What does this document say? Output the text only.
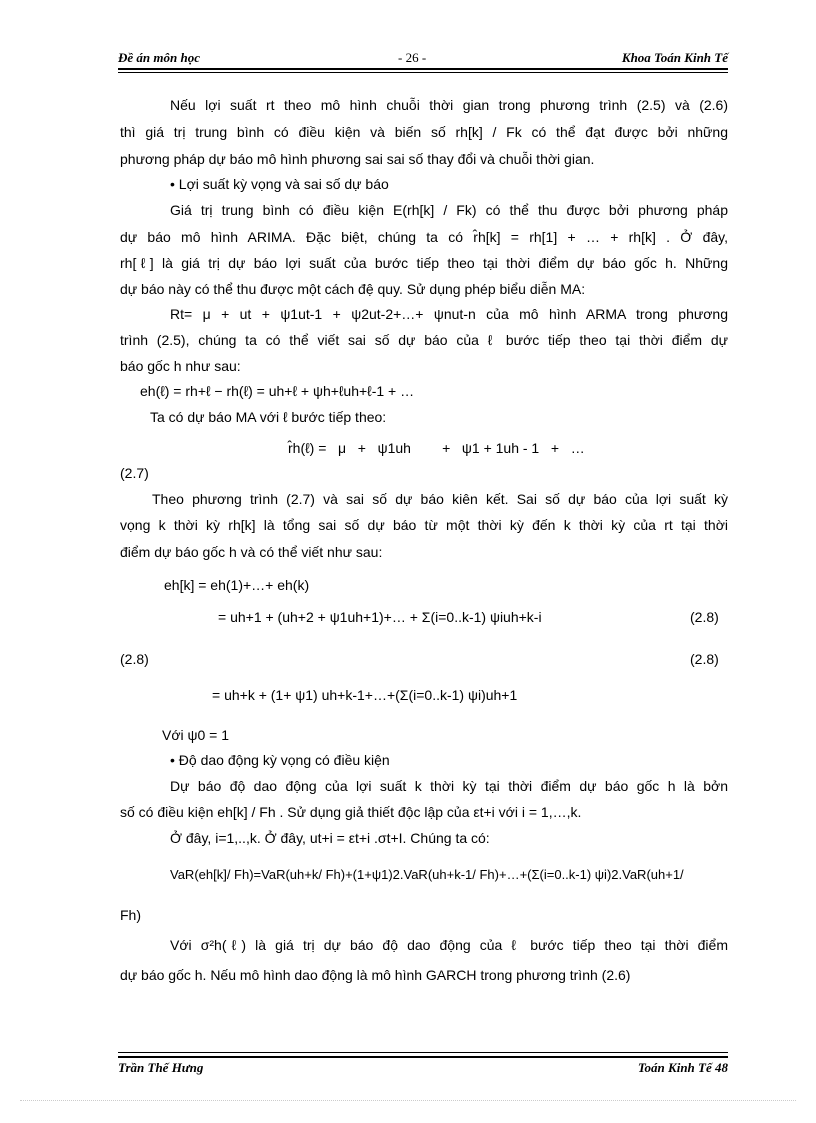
Đề án môn học	- 26 -	Khoa Toán Kinh Tế
Nếu lợi suất rt theo mô hình chuỗi thời gian trong phương trình (2.5) và (2.6)
thì giá trị trung bình có điều kiện và biến số rh[k] / Fk có thể đạt được bởi những
phương pháp dự báo mô hình phương sai sai số thay đổi và chuỗi thời gian.
• Lợi suất kỳ vọng và sai số dự báo
Giá trị trung bình có điều kiện E(rh[k] / Fk) có thể thu được bởi phương pháp
dự báo mô hình ARIMA. Đặc biệt, chúng ta có r̂h[k] = rh[1] + … + rh[k] . Ở đây,
rh[ℓ] là giá trị dự báo lợi suất của bước tiếp theo tại thời điểm dự báo gốc h. Những
dự báo này có thể thu được một cách đệ quy. Sử dụng phép biểu diễn MA:
Rt= μ + ut + ψ1ut-1 + ψ2ut-2+…+ ψnut-n của mô hình ARMA trong phương
trình (2.5), chúng ta có thể viết sai số dự báo của ℓ bước tiếp theo tại thời điểm dự
báo gốc h như sau:
eh(ℓ) = rh+ℓ − rh(ℓ) = uh+ℓ + ψh+ℓuh+ℓ-1 + …
Ta có dự báo MA với ℓ bước tiếp theo:
r̂h(ℓ) =   μ   +   ψ1uh        +   ψ1 + 1uh - 1   +   …
(2.7)
Theo phương trình (2.7) và sai số dự báo kiên kết. Sai số dự báo của lợi suất kỳ
vọng k thời kỳ rh[k] là tổng sai số dự báo từ một thời kỳ đến k thời kỳ của rt tại thời
điểm dự báo gốc h và có thể viết như sau:
eh[k] = eh(1)+…+ eh(k)
= uh+1 + (uh+2 + ψ1uh+1)+… + Σ(i=0..k-1) ψiuh+k-i	(2.8)
(2.8)	(2.8)
= uh+k + (1+ ψ1) uh+k-1+…+(Σ(i=0..k-1) ψi)uh+1
Với ψ0 = 1
• Độ dao động kỳ vọng có điều kiện
Dự báo độ dao động của lợi suất k thời kỳ tại thời điểm dự báo gốc h là bởn
số có điều kiện eh[k] / Fh . Sử dụng giả thiết độc lập của εt+i với i = 1,…,k.
Ở đây, i=1,..,k. Ở đây, ut+i = εt+i .σt+I. Chúng ta có:
VaR(eh[k]/ Fh)=VaR(uh+k/ Fh)+(1+ψ1)2.VaR(uh+k-1/ Fh)+…+(Σ(i=0..k-1) ψi)2.VaR(uh+1/
Fh)
Với σ²h(ℓ) là giá trị dự báo độ dao động của ℓ bước tiếp theo tại thời điểm
dự báo gốc h. Nếu mô hình dao động là mô hình GARCH trong phương trình (2.6)
Trần Thế Hưng	Toán Kinh Tế 48
